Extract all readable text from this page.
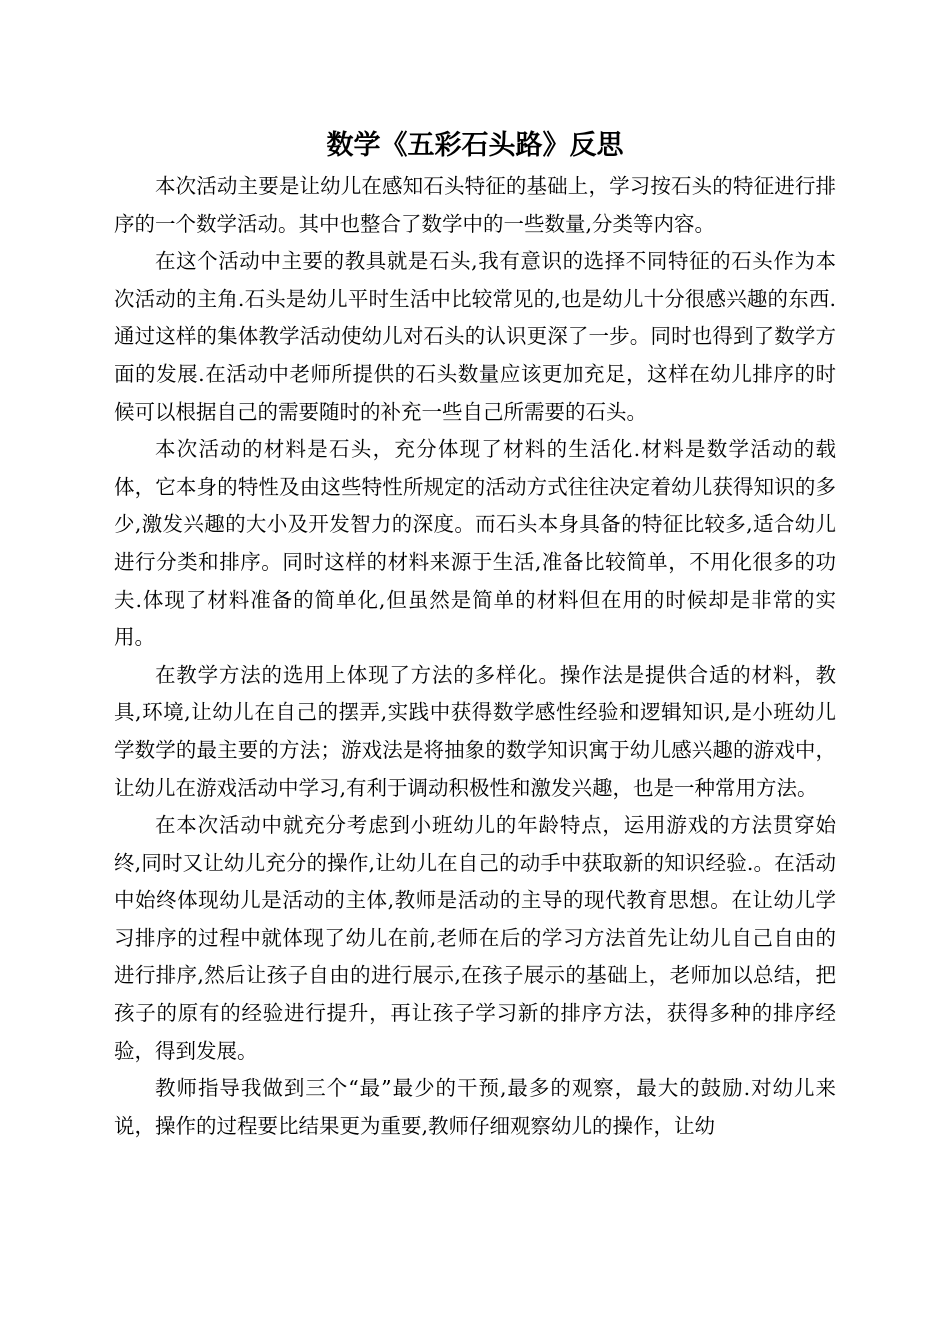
数学《五彩石头路》反思

本次活动主要是让幼儿在感知石头特征的基础上，学习按石头的特征进行排序的一个数学活动。其中也整合了数学中的一些数量,分类等内容。

在这个活动中主要的教具就是石头,我有意识的选择不同特征的石头作为本次活动的主角.石头是幼儿平时生活中比较常见的,也是幼儿十分很感兴趣的东西.通过这样的集体教学活动使幼儿对石头的认识更深了一步。同时也得到了数学方面的发展.在活动中老师所提供的石头数量应该更加充足，这样在幼儿排序的时候可以根据自己的需要随时的补充一些自己所需要的石头。

本次活动的材料是石头，充分体现了材料的生活化.材料是数学活动的载体，它本身的特性及由这些特性所规定的活动方式往往决定着幼儿获得知识的多少,激发兴趣的大小及开发智力的深度。而石头本身具备的特征比较多,适合幼儿进行分类和排序。同时这样的材料来源于生活,准备比较简单，不用化很多的功夫.体现了材料准备的简单化,但虽然是简单的材料但在用的时候却是非常的实用。

在教学方法的选用上体现了方法的多样化。操作法是提供合适的材料，教具,环境,让幼儿在自己的摆弄,实践中获得数学感性经验和逻辑知识,是小班幼儿学数学的最主要的方法；游戏法是将抽象的数学知识寓于幼儿感兴趣的游戏中，让幼儿在游戏活动中学习,有利于调动积极性和激发兴趣，也是一种常用方法。

在本次活动中就充分考虑到小班幼儿的年龄特点，运用游戏的方法贯穿始终,同时又让幼儿充分的操作,让幼儿在自己的动手中获取新的知识经验.。在活动中始终体现幼儿是活动的主体,教师是活动的主导的现代教育思想。在让幼儿学习排序的过程中就体现了幼儿在前,老师在后的学习方法首先让幼儿自己自由的进行排序,然后让孩子自由的进行展示,在孩子展示的基础上，老师加以总结，把孩子的原有的经验进行提升，再让孩子学习新的排序方法，获得多种的排序经验，得到发展。

教师指导我做到三个“最”最少的干预,最多的观察，最大的鼓励.对幼儿来说，操作的过程要比结果更为重要,教师仔细观察幼儿的操作，让幼
